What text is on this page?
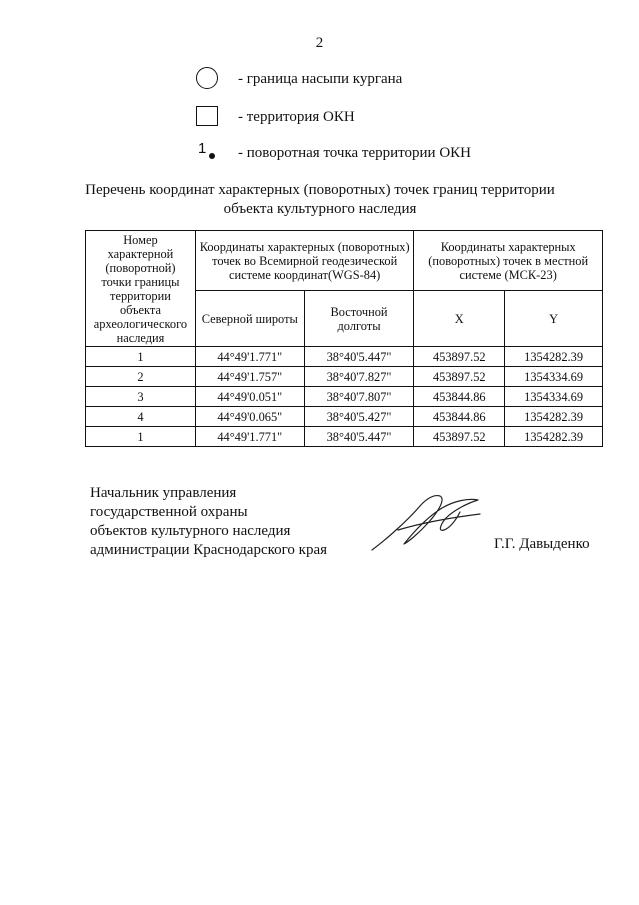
2
- граница насыпи кургана
- территория ОКН
1 - поворотная точка территории ОКН
Перечень координат характерных (поворотных) точек границ территории
объекта культурного наследия
Номер характерной (поворотной) точки границы территории объекта археологического наследия	Координаты характерных (поворотных) точек во Всемирной геодезической системе координат(WGS-84)		Координаты характерных (поворотных) точек в местной системе (МСК-23)	
	Северной широты	Восточной долготы	X	Y
1	44°49'1.771"	38°40'5.447"	453897.52	1354282.39
2	44°49'1.757"	38°40'7.827"	453897.52	1354334.69
3	44°49'0.051"	38°40'7.807"	453844.86	1354334.69
4	44°49'0.065"	38°40'5.427"	453844.86	1354282.39
1	44°49'1.771"	38°40'5.447"	453897.52	1354282.39
Начальник управления
государственной охраны
объектов культурного наследия
администрации Краснодарского края	Г.Г. Давыденко
